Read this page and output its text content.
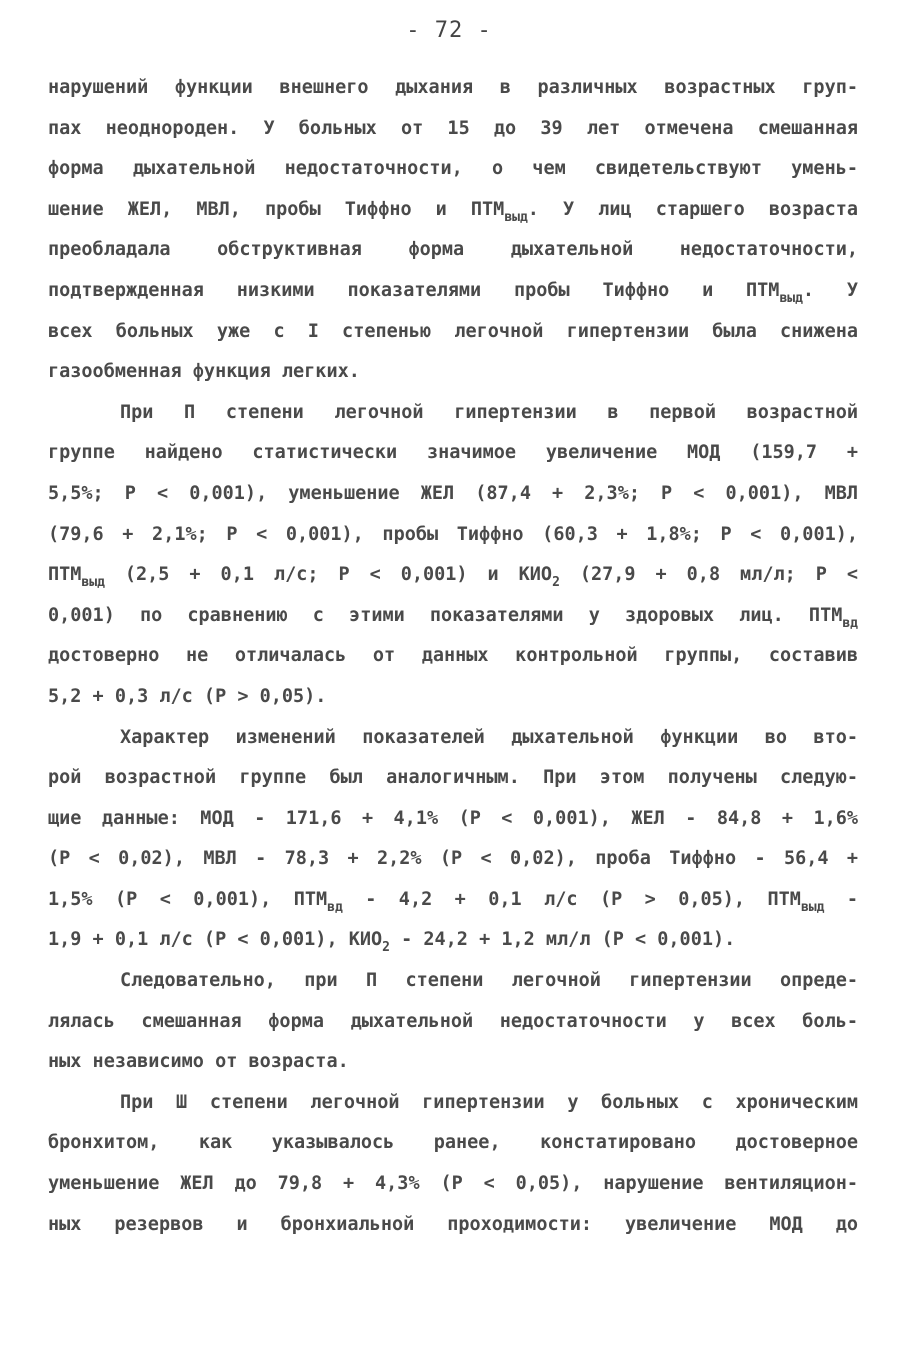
- 72 -
нарушений функции внешнего дыхания в различных возрастных груп-
пах неоднороден. У больных от 15 до 39 лет отмечена смешанная
форма дыхательной недостаточности, о чем свидетельствуют умень-
шение ЖЕЛ, МВЛ, пробы Тиффно и $ПТМ_{выд}$. У лиц старшего возраста
преобладала обструктивная форма дыхательной недостаточности,
подтвержденная низкими показателями пробы Тиффно и $ПТМ_{выд}$. У
всех больных уже с I степенью легочной гипертензии была снижена
газообменная функция легких.
При П степени легочной гипертензии в первой возрастной
группе найдено статистически значимое увеличение МОД (159,7 +
5,5%; Р < 0,001), уменьшение ЖЕЛ (87,4 + 2,3%; Р < 0,001), МВЛ
(79,6 + 2,1%; Р < 0,001), пробы Тиффно (60,3 + 1,8%; Р < 0,001),
$ПТМ_{выд}$ (2,5 + 0,1 л/с; Р < 0,001) и $КИО_2$ (27,9 + 0,8 мл/л; Р <
0,001) по сравнению с этими показателями у здоровых лиц. $ПТМ_{вд}$
достоверно не отличалась от данных контрольной группы, составив
5,2 + 0,3 л/с (Р > 0,05).
Характер изменений показателей дыхательной функции во вто-
рой возрастной группе был аналогичным. При этом получены следую-
щие данные: МОД - 171,6 + 4,1% (Р < 0,001), ЖЕЛ - 84,8 + 1,6%
(Р < 0,02), МВЛ - 78,3 + 2,2% (Р < 0,02), проба Тиффно - 56,4 +
1,5% (Р < 0,001), $ПТМ_{вд} - 4,2 + 0,1$ л/с (Р > 0,05), $ПТМ_{выд}$ -
1,9 + 0,1 л/с (Р < 0,001), $КИО_2 - 24,2 + 1,2$ мл/л (Р < 0,001).
Следовательно, при П степени легочной гипертензии опреде-
лялась смешанная форма дыхательной недостаточности у всех боль-
ных независимо от возраста.
При Ш степени легочной гипертензии у больных с хроническим
бронхитом, как указывалось ранее, констатировано достоверное
уменьшение ЖЕЛ до 79,8 + 4,3% (Р < 0,05), нарушение вентиляцион-
ных резервов и бронхиальной проходимости: увеличение МОД до
